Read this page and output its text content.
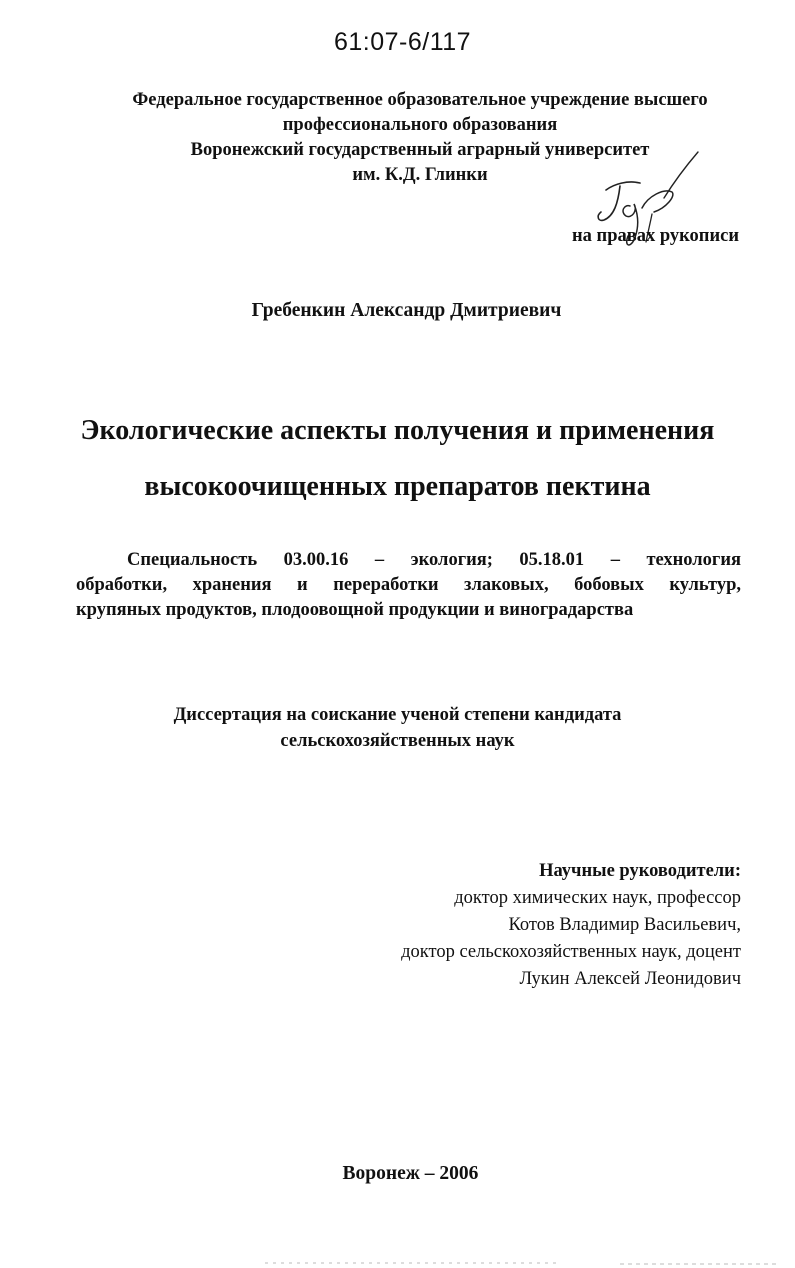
61:07-6/117
Федеральное государственное образовательное учреждение высшего
профессионального образования
Воронежский государственный аграрный университет
им. К.Д. Глинки
на правах рукописи
Гребенкин Александр Дмитриевич
Экологические аспекты получения и применения
высокоочищенных препаратов пектина
Специальность 03.00.16 – экология; 05.18.01 – технология
обработки, хранения и переработки злаковых, бобовых культур,
крупяных продуктов, плодоовощной продукции и виноградарства
Диссертация на соискание ученой степени кандидата
сельскохозяйственных наук
Научные руководители:
доктор химических наук, профессор
Котов Владимир Васильевич,
доктор сельскохозяйственных наук, доцент
Лукин Алексей Леонидович
Воронеж – 2006
